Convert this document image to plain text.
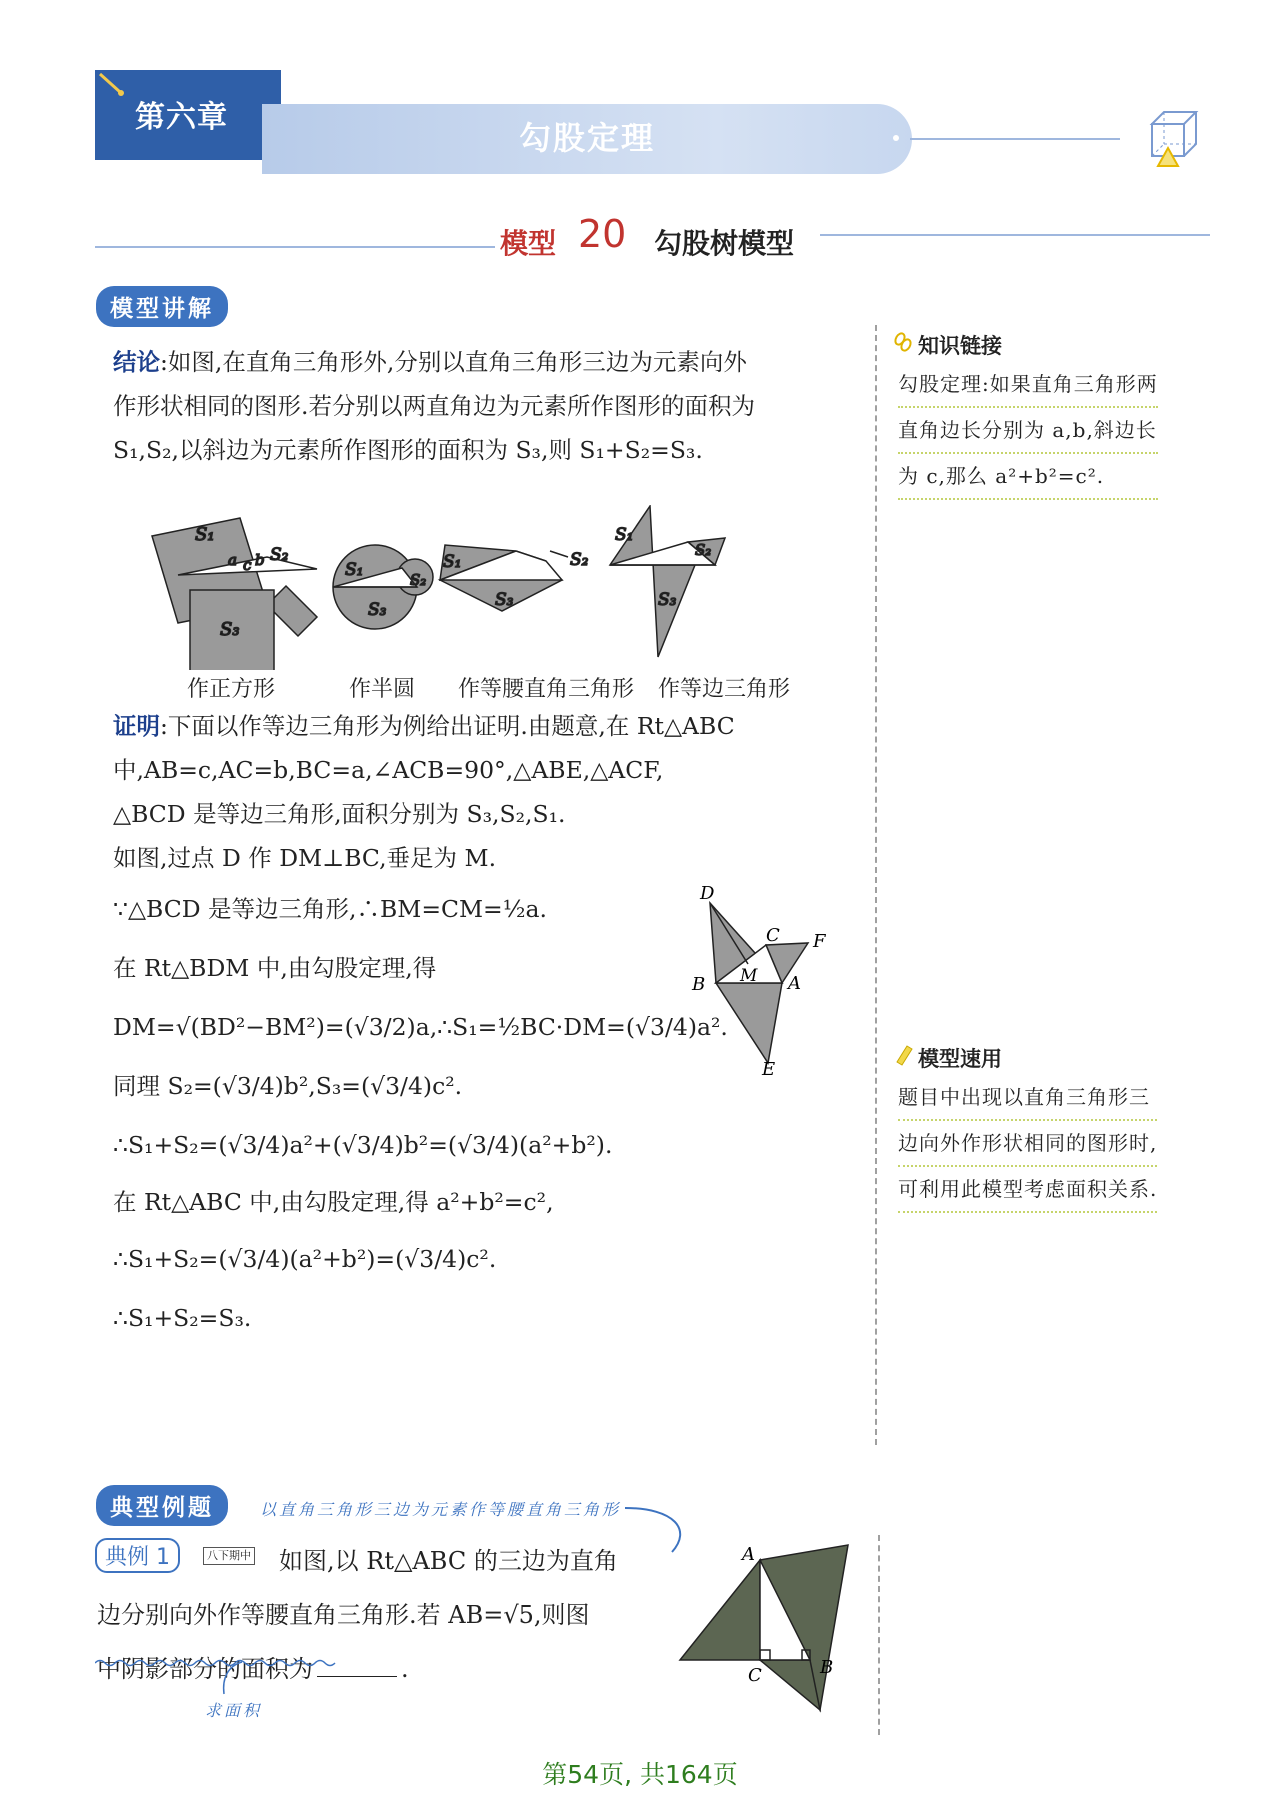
第六章
勾股定理
模型 20 勾股树模型
模型讲解
结论:如图,在直角三角形外,分别以直角三角形三边为元素向外
作形状相同的图形.若分别以两直角边为元素所作图形的面积为
S₁,S₂,以斜边为元素所作图形的面积为 S₃,则 S₁+S₂=S₃.
S₁
S₂
S₃
a c b	S₁	S₂
S₃
S₁
S₃
S₂
S₁
S₂
S₃
作正方形	作半圆 作等腰直角三角形 作等边三角形
证明:下面以作等边三角形为例给出证明.由题意,在 Rt△ABC
中,AB=c,AC=b,BC=a,∠ACB=90°,△ABE,△ACF,
△BCD 是等边三角形,面积分别为 S₃,S₂,S₁.
如图,过点 D 作 DM⊥BC,垂足为 M.
∵△BCD 是等边三角形,∴BM=CM=½a.
在 Rt△BDM 中,由勾股定理,得
DM=√(BD²−BM²)=(√3/2)a,∴S₁=½BC·DM=(√3/4)a².
同理 S₂=(√3/4)b²,S₃=(√3/4)c².
∴S₁+S₂=(√3/4)a²+(√3/4)b²=(√3/4)(a²+b²).
在 Rt△ABC 中,由勾股定理,得 a²+b²=c²,
∴S₁+S₂=(√3/4)(a²+b²)=(√3/4)c².
∴S₁+S₂=S₃.
D
C F
M
B	A
E
知识链接
勾股定理:如果直角三角形两
直角边长分别为 a,b,斜边长
为 c,那么 a²+b²=c².
模型速用
题目中出现以直角三角形三
边向外作形状相同的图形时,
可利用此模型考虑面积关系.
典型例题	以直角三角形三边为元素作等腰直角三角形
典例 1	八下期中	如图,以 Rt△ABC 的三边为直角
边分别向外作等腰直角三角形.若 AB=√5,则图
中阴影部分的面积为	.
求面积
A
B
C
第54页, 共164页
